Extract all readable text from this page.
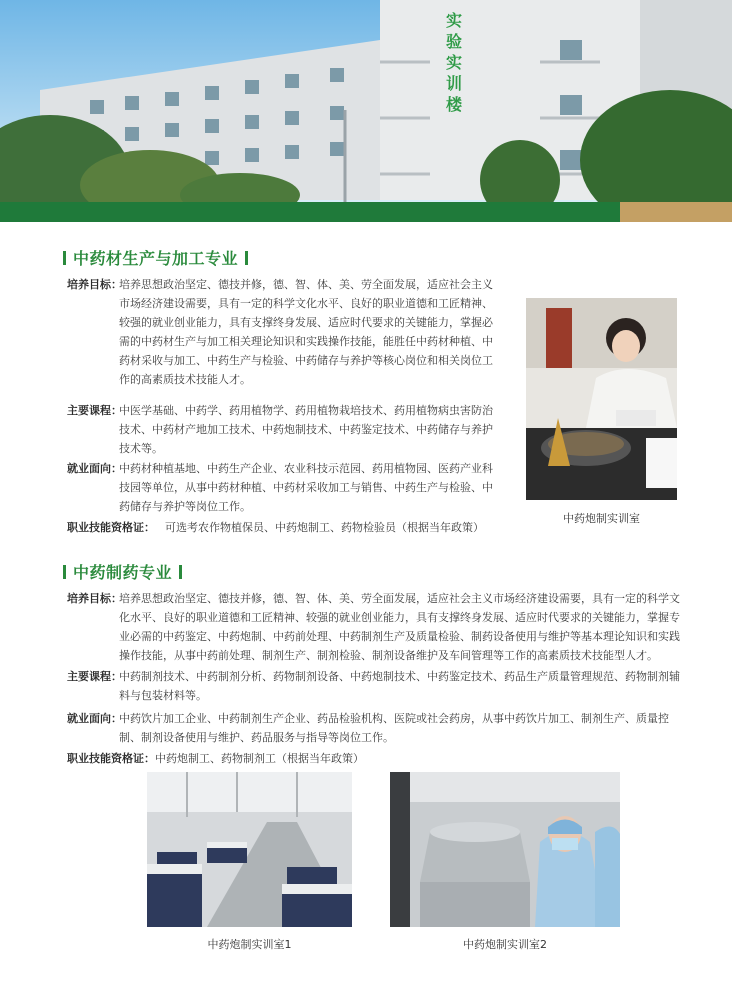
实
验
实
训
楼
中药材生产与加工专业
培养目标：
培养思想政治坚定、德技并修，德、智、体、美、劳全面发展，适应社会主义市场经济建设需要，具有一定的科学文化水平、良好的职业道德和工匠精神、较强的就业创业能力，具有支撑终身发展、适应时代要求的关键能力，掌握必需的中药材生产与加工相关理论知识和实践操作技能，能胜任中药材种植、中药材采收与加工、中药生产与检验、中药储存与养护等核心岗位和相关岗位工作的高素质技术技能人才。
主要课程：
中医学基础、中药学、药用植物学、药用植物栽培技术、药用植物病虫害防治技术、中药材产地加工技术、中药炮制技术、中药鉴定技术、中药储存与养护技术等。
就业面向：
中药材种植基地、中药生产企业、农业科技示范园、药用植物园、医药产业科技园等单位，从事中药材种植、中药材采收加工与销售、中药生产与检验、中药储存与养护等岗位工作。
职业技能资格证： 可选考农作物植保员、中药炮制工、药物检验员（根据当年政策）
中药炮制实训室
中药制药专业
培养目标：
培养思想政治坚定、德技并修，德、智、体、美、劳全面发展，适应社会主义市场经济建设需要，具有一定的科学文化水平、良好的职业道德和工匠精神、较强的就业创业能力，具有支撑终身发展、适应时代要求的关键能力，掌握专业必需的中药鉴定、中药炮制、中药前处理、中药制剂生产及质量检验、制药设备使用与维护等基本理论知识和实践操作技能，从事中药前处理、制剂生产、制剂检验、制剂设备维护及车间管理等工作的高素质技术技能型人才。
主要课程：
中药制剂技术、中药制剂分析、药物制剂设备、中药炮制技术、中药鉴定技术、药品生产质量管理规范、药物制剂辅料与包装材料等。
就业面向：
中药饮片加工企业、中药制剂生产企业、药品检验机构、医院或社会药房，从事中药饮片加工、制剂生产、质量控制、制剂设备使用与维护、药品服务与指导等岗位工作。
职业技能资格证： 中药炮制工、药物制剂工（根据当年政策）
中药炮制实训室1	中药炮制实训室2
